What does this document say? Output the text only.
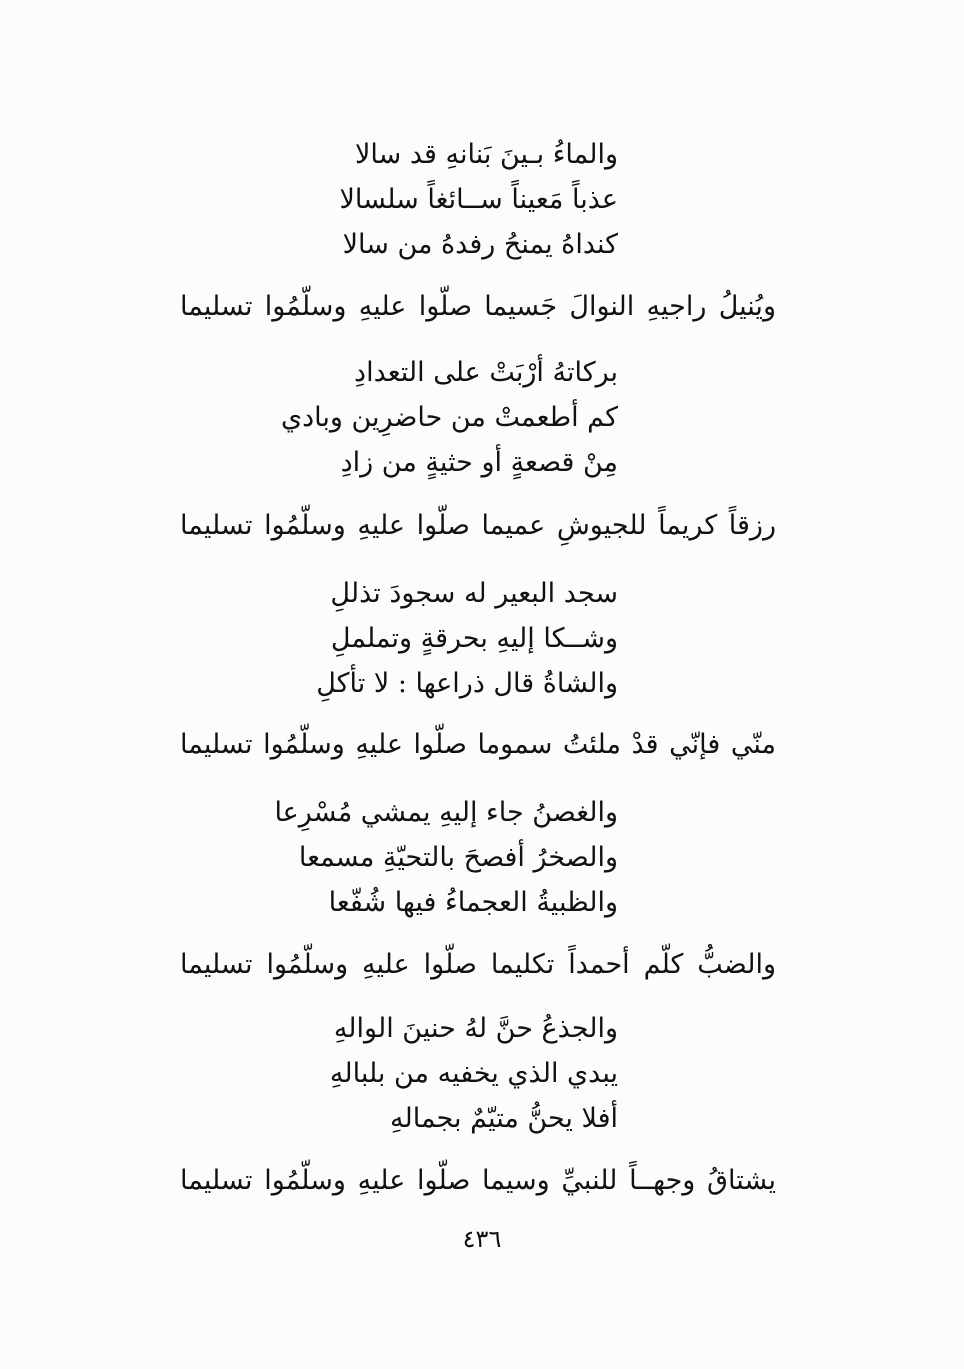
والماءُ بـينَ بَنانهِ قد سالا
عذباً مَعيناً ســائغاً سلسالا
كنداهُ يمنحُ رفدهُ من سالا
ويُنيلُ راجيهِ النوالَ جَسيما صلّوا عليهِ وسلّمُوا تسليما
بركاتهُ أرْبَتْ على التعدادِ
كم أطعمتْ من حاضرِين وبادي
مِنْ قصعةٍ أو حثيةٍ من زادِ
رزقاً كريماً للجيوشِ عميما صلّوا عليهِ وسلّمُوا تسليما
سجد البعير له سجودَ تذللِ
وشــكا إليهِ بحرقةٍ وتململِ
والشاةُ قال ذراعها : لا تأكلِ
منّي فإنّي قدْ ملئتُ سموما صلّوا عليهِ وسلّمُوا تسليما
والغصنُ جاء إليهِ يمشي مُسْرِعا
والصخرُ أفصحَ بالتحيّةِ مسمعا
والظبيةُ العجماءُ فيها شُفّعا
والضبُّ كلّم أحمداً تكليما صلّوا عليهِ وسلّمُوا تسليما
والجذعُ حنَّ لهُ حنينَ الوالهِ
يبدي الذي يخفيه من بلبالهِ
أفلا يحنُّ متيّمٌ بجمالهِ
يشتاقُ وجهــاً للنبيِّ وسيما صلّوا عليهِ وسلّمُوا تسليما
٤٣٦
